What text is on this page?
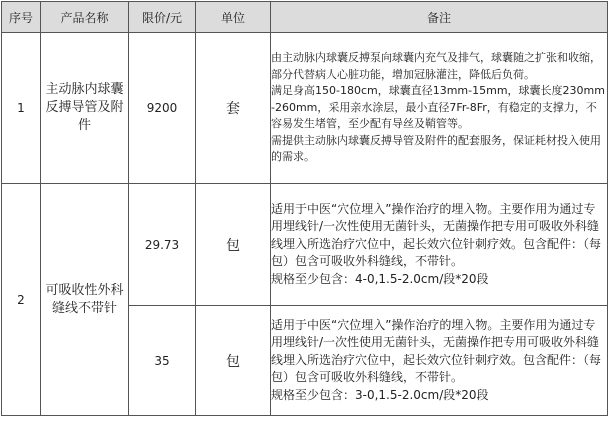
序号	产品名称	限价/元	单位	备注
1	主动脉内球囊反搏导管及附件	9200	套	由主动脉内球囊反搏泵向球囊内充气及排气，球囊随之扩张和收缩，部分代替病人心脏功能，增加冠脉灌注，降低后负荷。

满足身高150-180cm，球囊直径13mm-15mm，球囊长度230mm-260mm，采用亲水涂层，最小直径7Fr-8Fr，有稳定的支撑力，不容易发生堵管，至少配有导丝及鞘管等。

需提供主动脉内球囊反搏导管及附件的配套服务，保证耗材投入使用的需求。

2	可吸收性外科缝线不带针	29.73	包	适用于中医“穴位埋入”操作治疗的埋入物。主要作用为通过专用埋线针/一次性使用无菌针头，无菌操作把专用可吸收外科缝线埋入所选治疗穴位中，起长效穴位针刺疗效。包含配件：（每包）包含可吸收外科缝线，不带针。

规格至少包含：4-0,1.5-2.0cm/段*20段

		35	包	适用于中医“穴位埋入”操作治疗的埋入物。主要作用为通过专用埋线针/一次性使用无菌针头，无菌操作把专用可吸收外科缝线埋入所选治疗穴位中，起长效穴位针刺疗效。包含配件：（每包）包含可吸收外科缝线，不带针。

规格至少包含：3-0,1.5-2.0cm/段*20段
